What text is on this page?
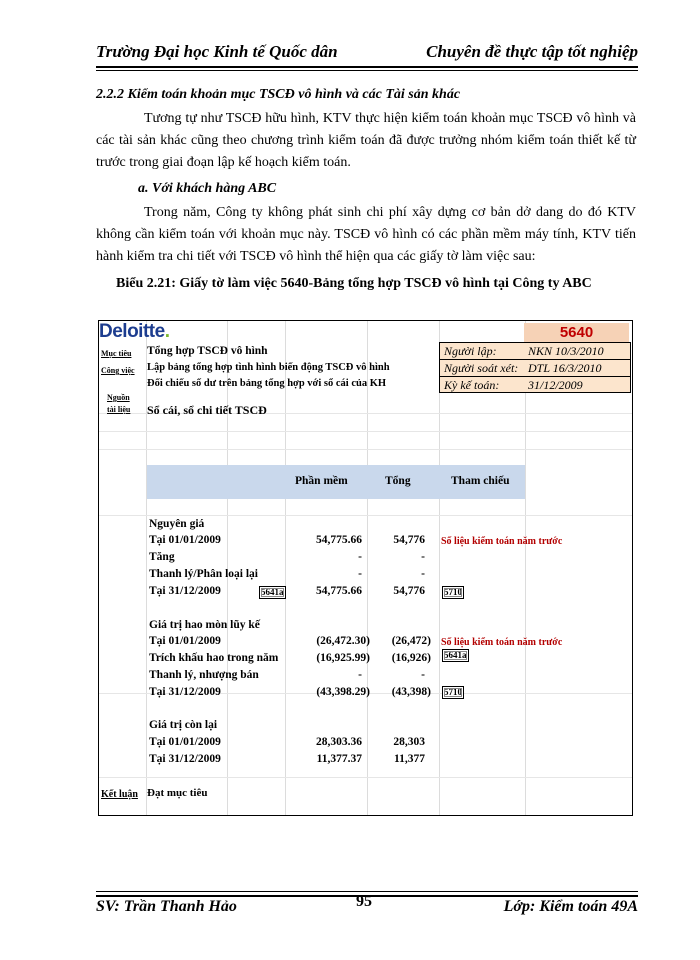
Trường Đại học Kinh tế Quốc dân	Chuyên đề thực tập tốt nghiệp
2.2.2 Kiểm toán khoản mục TSCĐ vô hình và các Tài sản khác
Tương tự như TSCĐ hữu hình, KTV thực hiện kiểm toán khoản mục TSCĐ vô hình và các tài sản khác cũng theo chương trình kiểm toán đã được trưởng nhóm kiểm toán thiết kế từ trước trong giai đoạn lập kế hoạch kiểm toán.
a. Với khách hàng ABC
Trong năm, Công ty không phát sinh chi phí xây dựng cơ bản dở dang do đó KTV không cần kiểm toán với khoản mục này. TSCĐ vô hình có các phần mềm máy tính, KTV tiến hành kiểm tra chi tiết với TSCĐ vô hình thể hiện qua các giấy tờ làm việc sau:
Biểu 2.21: Giấy tờ làm việc 5640-Bảng tổng hợp TSCĐ vô hình tại Công ty ABC
Deloitte.	5640
Mục tiêu Tổng hợp TSCĐ vô hình
Công việc Lập bảng tổng hợp tình hình biến động TSCĐ vô hình
Đối chiếu số dư trên bảng tổng hợp với sổ cái của KH
Nguồn
tài liệu Sổ cái, sổ chi tiết TSCĐ
Người lập:	NKN 10/3/2010
Người soát xét: DTL 16/3/2010
Kỳ kế toán: 31/12/2009
Phần mềm	Tổng	Tham chiếu
Nguyên giá
Tại 01/01/2009	54,775.66	54,776 Số liệu kiểm toán năm trước
Tăng	-	-
Thanh lý/Phân loại lại	-	-
Tại 31/12/2009	5641a	54,775.66	54,776 5710
Giá trị hao mòn lũy kế
Tại 01/01/2009	(26,472.30) (26,472) Số liệu kiểm toán năm trước
Trích khấu hao trong năm	(16,925.99) (16,926) 5641a
Thanh lý, nhượng bán	-	-
Tại 31/12/2009	(43,398.29) (43,398) 5710
Giá trị còn lại
Tại 01/01/2009	28,303.36	28,303
Tại 31/12/2009	11,377.37	11,377
Kết luận Đạt mục tiêu
SV: Trần Thanh Hảo	95	Lớp: Kiểm toán 49A
